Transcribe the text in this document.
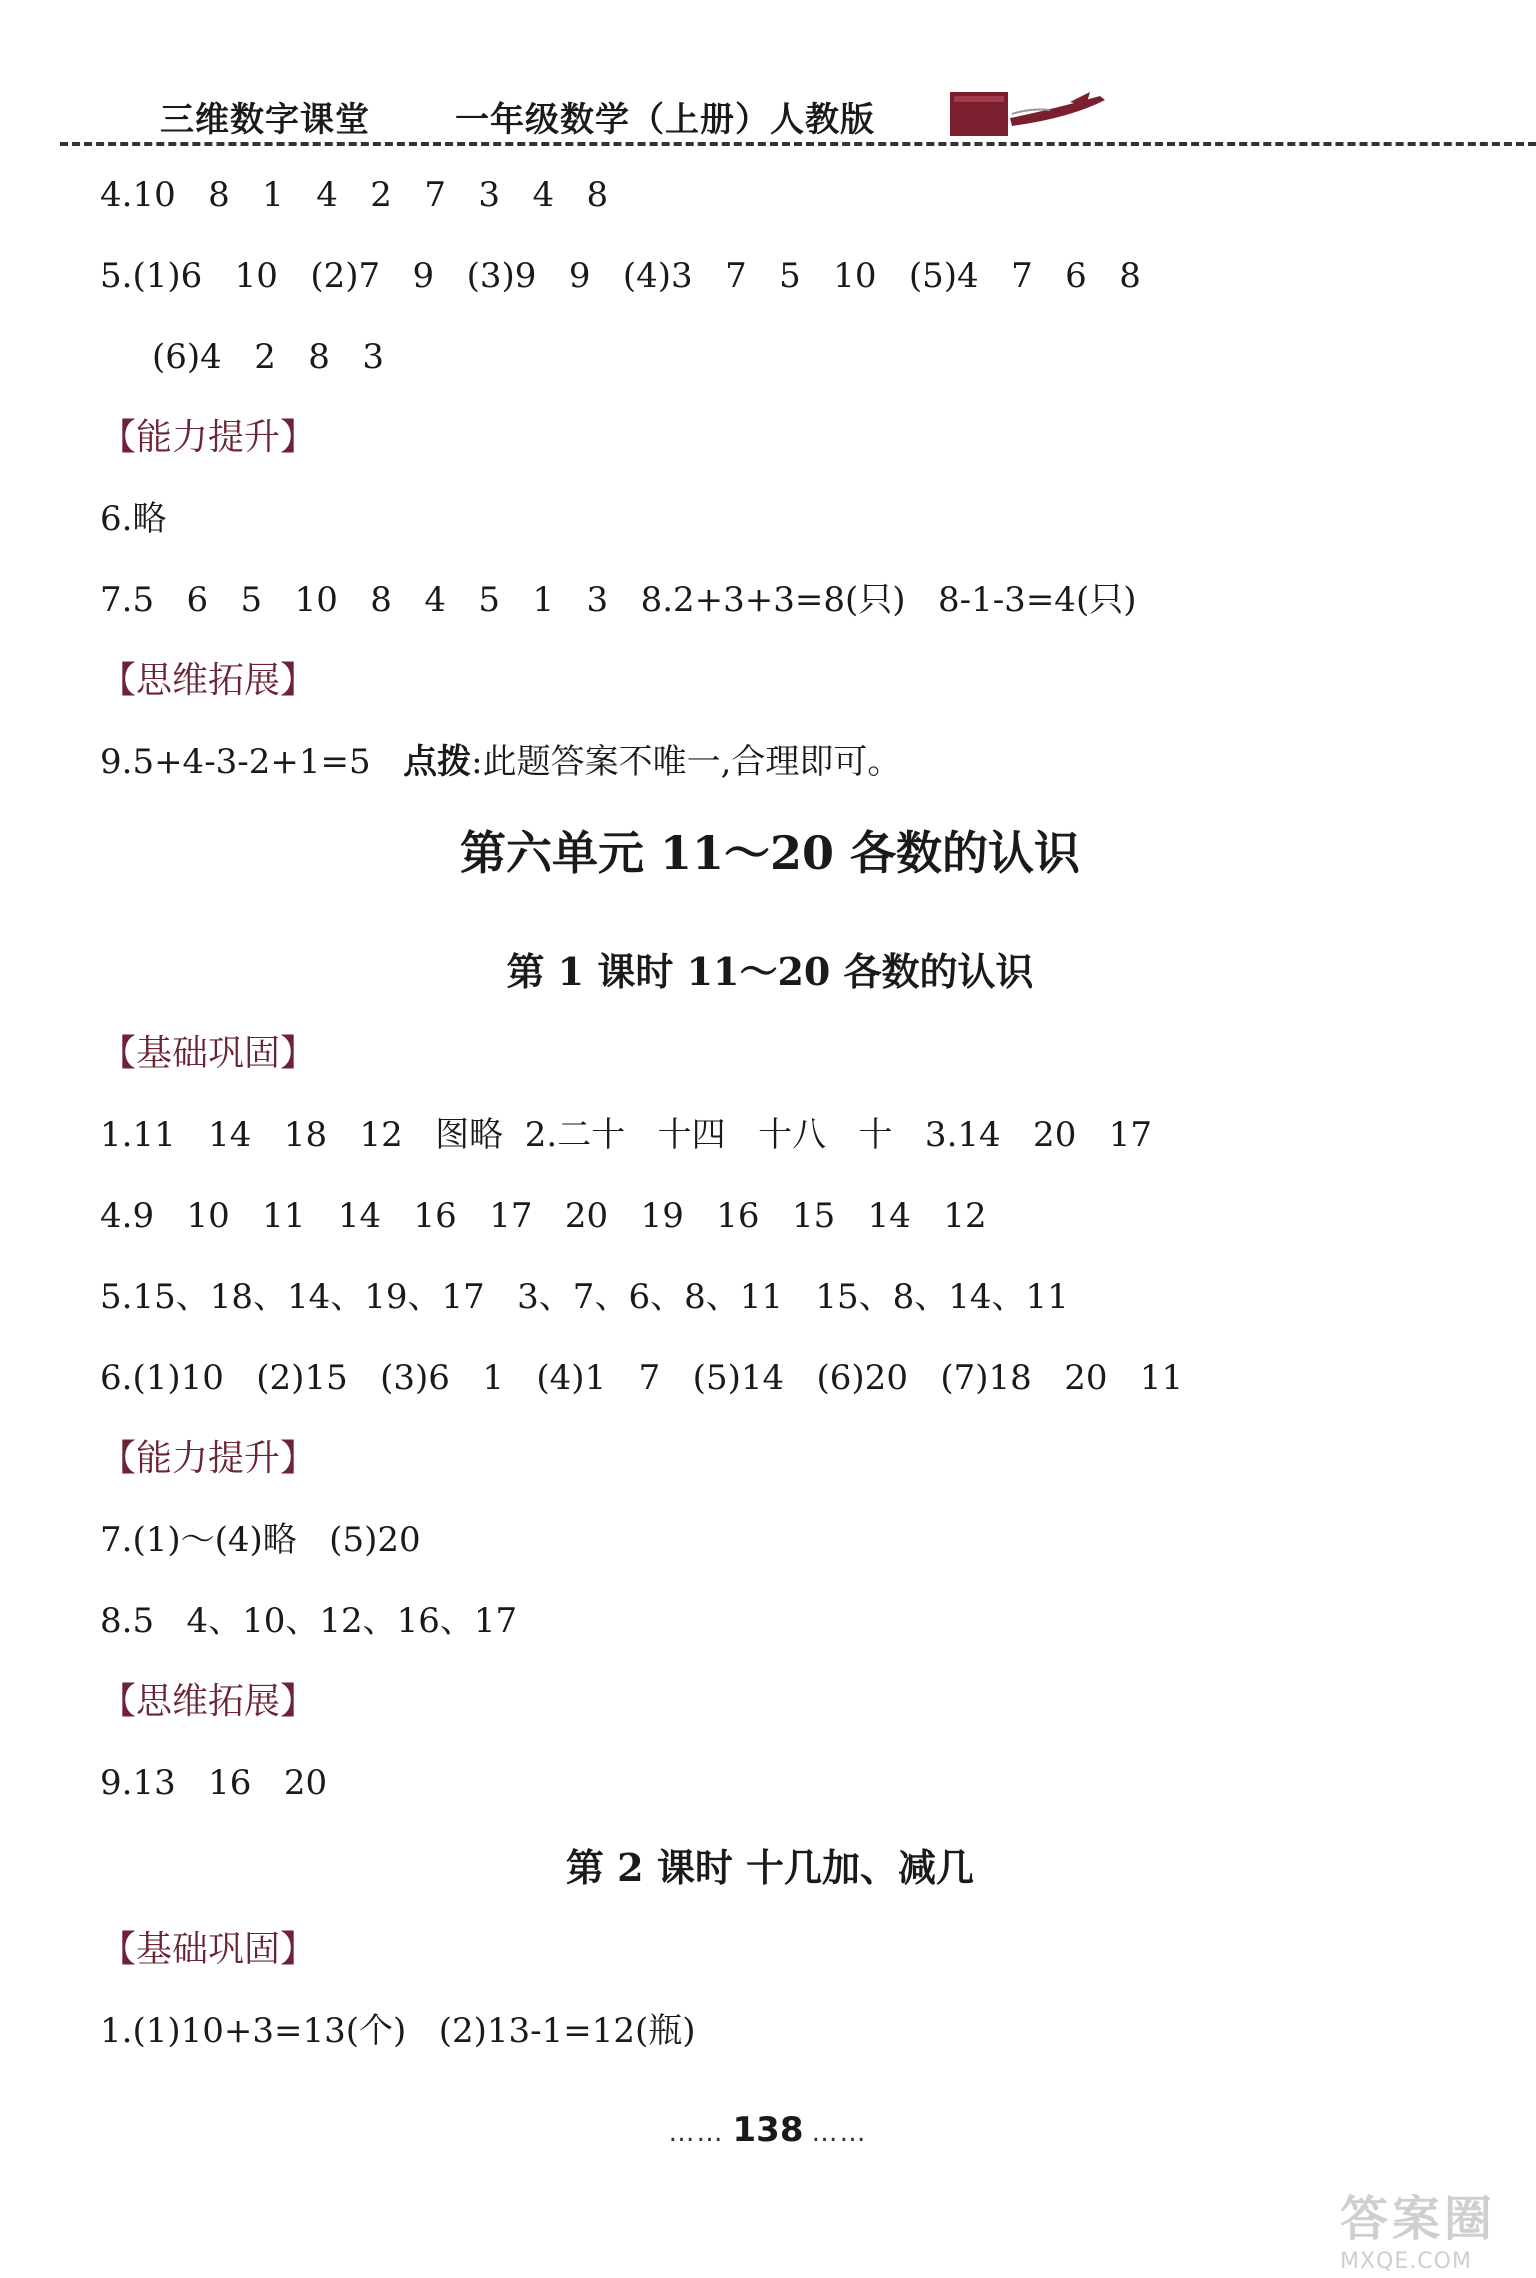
三维数字课堂	一年级数学（上册）人教版
4.10   8   1   4   2   7   3   4   8
5.(1)6   10   (2)7   9   (3)9   9   (4)3   7   5   10   (5)4   7   6   8
(6)4   2   8   3
【能力提升】
6.略
7.5   6   5   10   8   4   5   1   3   8.2+3+3=8(只)   8-1-3=4(只)
【思维拓展】
9.5+4-3-2+1=5   点拨:此题答案不唯一,合理即可。
第六单元 11～20 各数的认识
第 1 课时 11～20 各数的认识
【基础巩固】
1.11   14   18   12   图略  2.二十   十四   十八   十   3.14   20   17
4.9   10   11   14   16   17   20   19   16   15   14   12
5.15、18、14、19、17   3、7、6、8、11   15、8、14、11
6.(1)10   (2)15   (3)6   1   (4)1   7   (5)14   (6)20   (7)18   20   11
【能力提升】
7.(1)～(4)略   (5)20
8.5   4、10、12、16、17
【思维拓展】
9.13   16   20
第 2 课时 十几加、减几
【基础巩固】
1.(1)10+3=13(个)   (2)13-1=12(瓶)
…… 138 ……
答案圈
MXQE.COM
